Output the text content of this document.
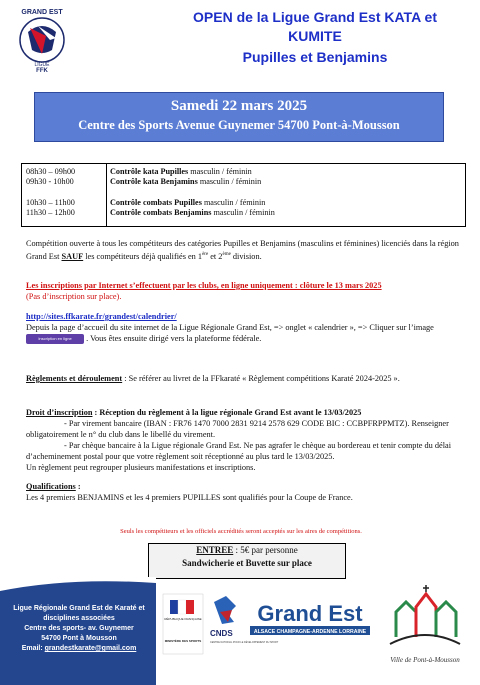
GRAND EST
LIGUE
FFK
OPEN de la Ligue Grand Est KATA et KUMITE
Pupilles et Benjamins
Samedi 22 mars 2025
Centre des Sports Avenue Guynemer 54700 Pont-à-Mousson
08h30 – 09h00	Contrôle kata Pupilles masculin / féminin
09h30 - 10h00	Contrôle kata Benjamins masculin / féminin
10h30 – 11h00	Contrôle combats Pupilles masculin / féminin
11h30 – 12h00	Contrôle combats Benjamins masculin / féminin
Compétition ouverte à tous les compétiteurs des catégories Pupilles et Benjamins (masculins et féminines) licenciés dans la région Grand Est SAUF les compétiteurs déjà qualifiés en 1ère et 2ème division.
Les inscriptions par Internet s’effectuent par les clubs, en ligne uniquement : clôture le 13 mars 2025
(Pas d’inscription sur place).
http://sites.ffkarate.fr/grandest/calendrier/
Depuis la page d’accueil du site internet de la Ligue Régionale Grand Est, => onglet « calendrier », => Cliquer sur l’image Inscription en ligne . Vous êtes ensuite dirigé vers la plateforme fédérale.
Règlements et déroulement : Se référer au livret de la FFkaraté « Règlement compétitions Karaté 2024-2025 ».
Droit d’inscription : Réception du règlement à la ligue régionale Grand Est avant le 13/03/2025
- Par virement bancaire (IBAN : FR76 1470 7000 2831 9214 2578 629 CODE BIC : CCBPFRPPMTZ). Renseigner obligatoirement le n° du club dans le libellé du virement.
- Par chèque bancaire à la Ligue régionale Grand Est. Ne pas agrafer le chèque au bordereau et tenir compte du délai d’acheminement postal pour que votre règlement soit réceptionné au plus tard le 13/03/2025.
Un règlement peut regrouper plusieurs manifestations et inscriptions.
Qualifications :
Les 4 premiers BENJAMINS et les 4 premiers PUPILLES sont qualifiés pour la Coupe de France.
Seuls les compétiteurs et les officiels accrédités seront acceptés sur les aires de compétitions.
ENTREE : 5€ par personne
Sandwicherie et Buvette sur place
Ligue Régionale Grand Est de Karaté et disciplines associées
Centre des sports- av. Guynemer
54700 Pont à Mousson
Email: grandestkarate@gmail.com
RÉPUBLIQUE FRANÇAISE
MINISTÈRE DES SPORTS
CNDS
CENTRE NATIONAL POUR LE DÉVELOPPEMENT DU SPORT
Grand Est
ALSACE CHAMPAGNE-ARDENNE LORRAINE
Ville de Pont-à-Mousson
